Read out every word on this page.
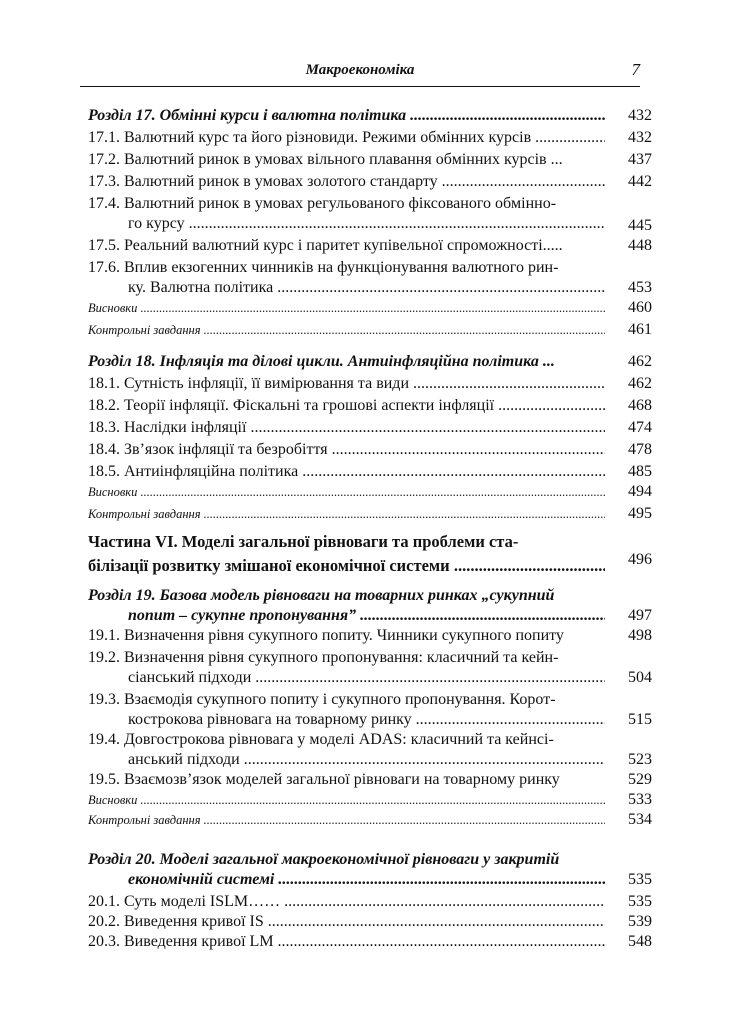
Макроекономіка	7
Розділ 17. Обмінні курси і валютна політика .....	432
17.1. Валютний курс та його різновиди. Режими обмінних курсів .....	432
17.2. Валютний ринок в умовах вільного плавання обмінних курсів ...	437
17.3. Валютний ринок в умовах золотого стандарту .....	442
17.4. Валютний ринок в умовах регульованого фіксованого обмінно-
го курсу .....	445
17.5. Реальний валютний курс і паритет купівельної спроможності.....	448
17.6. Вплив екзогенних чинників на функціонування валютного рин-
ку. Валютна політика .....	453
Висновки .....	460
Контрольні завдання .....	461
Розділ 18. Інфляція та ділові цикли. Антиінфляційна політика ...	462
18.1. Сутність інфляції, її вимірювання та види .....	462
18.2. Теорії інфляції. Фіскальні та грошові аспекти інфляції .....	468
18.3. Наслідки інфляції .....	474
18.4. Зв’язок інфляції та безробіття .....	478
18.5. Антиінфляційна політика .....	485
Висновки .....	494
Контрольні завдання .....	495
Частина VI. Моделі загальної рівноваги та проблеми ста-
білізації розвитку змішаної економічної системи .....	496
Розділ 19. Базова модель рівноваги на товарних ринках „сукупний
попит – сукупне пропонування” .....	497
19.1. Визначення рівня сукупного попиту. Чинники сукупного попиту	498
19.2. Визначення рівня сукупного пропонування: класичний та кейн-
сіанський підходи .....	504
19.3. Взаємодія сукупного попиту і сукупного пропонування. Корот-
кострокова рівновага на товарному ринку .....	515
19.4. Довгострокова рівновага у моделі ADAS: класичний та кейнсі-
анський підходи .....	523
19.5. Взаємозв’язок моделей загальної рівноваги на товарному ринку	529
Висновки .....	533
Контрольні завдання .....	534
Розділ 20. Моделі загальної макроекономічної рівноваги у закритій
економічній системі .....	535
20.1. Суть моделі ISLM…… .....	535
20.2. Виведення кривої IS .....	539
20.3. Виведення кривої LM .....	548
